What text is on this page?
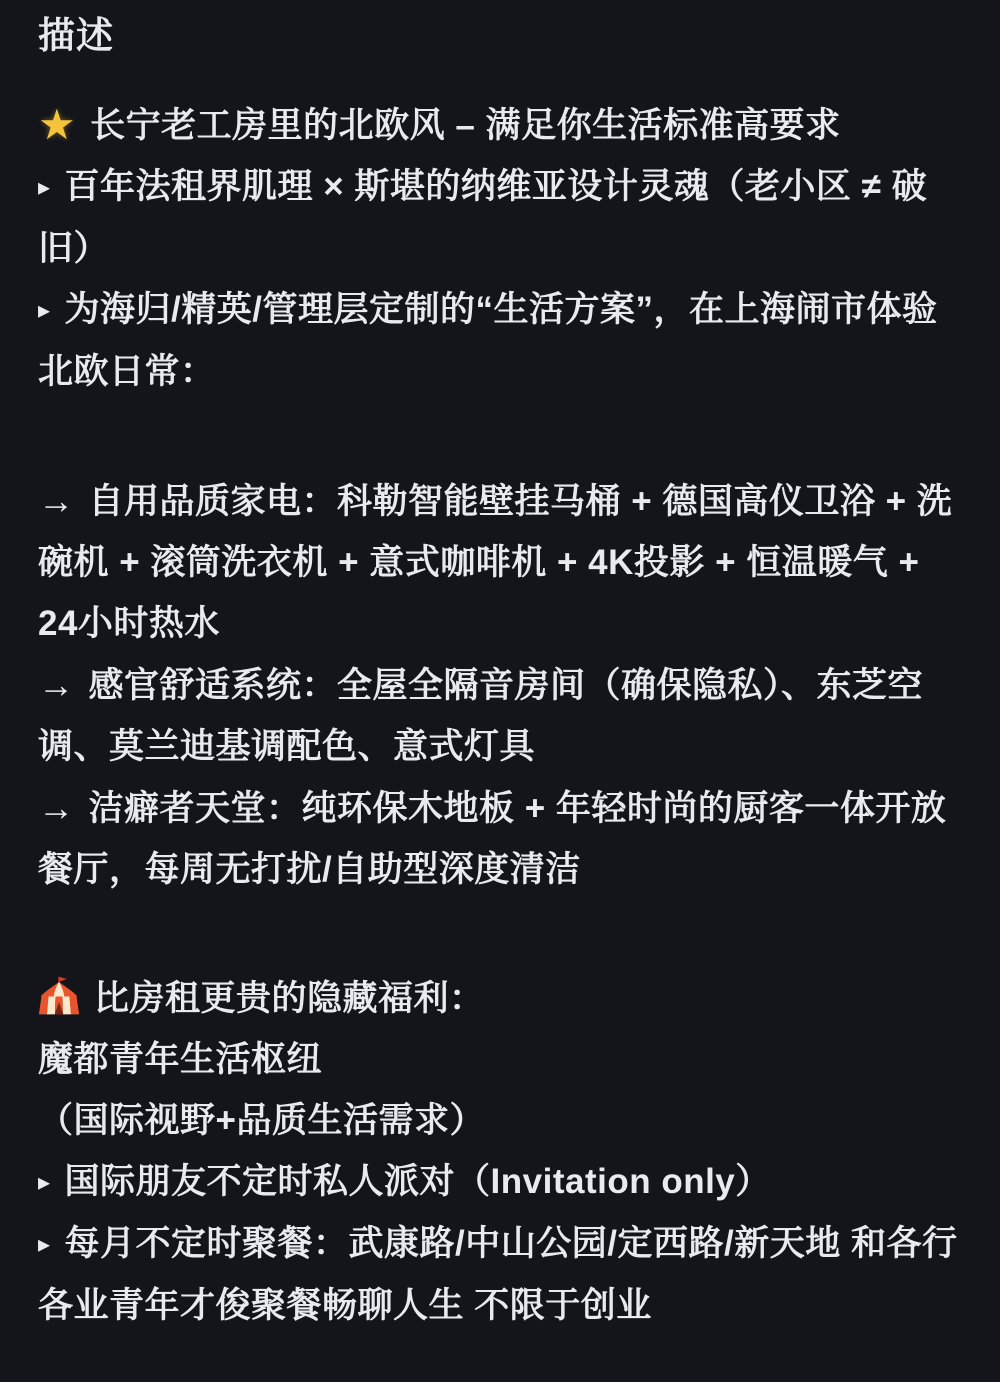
描述

★ 长宁老工房里的北欧风 – 满足你生活标准高要求

▸ 百年法租界肌理 × 斯堪的纳维亚设计灵魂（老小区 ≠ 破旧）

▸ 为海归/精英/管理层定制的“生活方案”，在上海闹市体验北欧日常：

→ 自用品质家电：科勒智能壁挂马桶 + 德国高仪卫浴 + 洗碗机 + 滚筒洗衣机 + 意式咖啡机 + 4K投影 + 恒温暖气 + 24小时热水

→ 感官舒适系统：全屋全隔音房间（确保隐私）、东芝空调、莫兰迪基调配色、意式灯具

→ 洁癖者天堂：纯环保木地板 + 年轻时尚的厨客一体开放餐厅，每周无打扰/自助型深度清洁

比房租更贵的隐藏福利：

魔都青年生活枢纽

（国际视野+品质生活需求）

▸ 国际朋友不定时私人派对（Invitation only）

▸ 每月不定时聚餐：武康路/中山公园/定西路/新天地 和各行各业青年才俊聚餐畅聊人生 不限于创业
